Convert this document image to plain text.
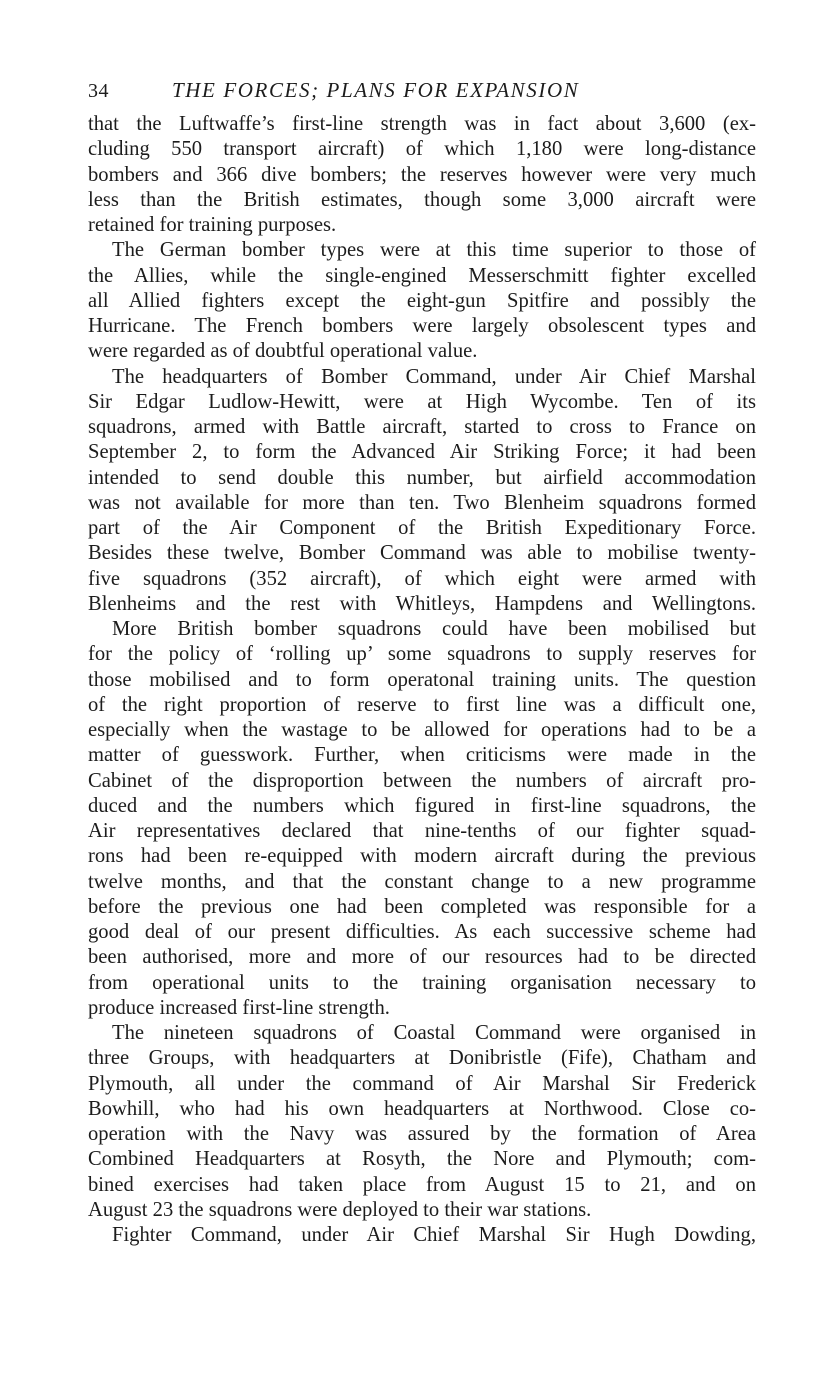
34	THE FORCES; PLANS FOR EXPANSION
that the Luftwaffe’s first-line strength was in fact about 3,600 (ex-
cluding 550 transport aircraft) of which 1,180 were long-distance
bombers and 366 dive bombers; the reserves however were very much
less than the British estimates, though some 3,000 aircraft were
retained for training purposes.
The German bomber types were at this time superior to those of
the Allies, while the single-engined Messerschmitt fighter excelled
all Allied fighters except the eight-gun Spitfire and possibly the
Hurricane. The French bombers were largely obsolescent types and
were regarded as of doubtful operational value.
The headquarters of Bomber Command, under Air Chief Marshal
Sir Edgar Ludlow-Hewitt, were at High Wycombe. Ten of its
squadrons, armed with Battle aircraft, started to cross to France on
September 2, to form the Advanced Air Striking Force; it had been
intended to send double this number, but airfield accommodation
was not available for more than ten. Two Blenheim squadrons formed
part of the Air Component of the British Expeditionary Force.
Besides these twelve, Bomber Command was able to mobilise twenty-
five squadrons (352 aircraft), of which eight were armed with
Blenheims and the rest with Whitleys, Hampdens and Wellingtons.
More British bomber squadrons could have been mobilised but
for the policy of ‘rolling up’ some squadrons to supply reserves for
those mobilised and to form operatonal training units. The question
of the right proportion of reserve to first line was a difficult one,
especially when the wastage to be allowed for operations had to be a
matter of guesswork. Further, when criticisms were made in the
Cabinet of the disproportion between the numbers of aircraft pro-
duced and the numbers which figured in first-line squadrons, the
Air representatives declared that nine-tenths of our fighter squad-
rons had been re-equipped with modern aircraft during the previous
twelve months, and that the constant change to a new programme
before the previous one had been completed was responsible for a
good deal of our present difficulties. As each successive scheme had
been authorised, more and more of our resources had to be directed
from operational units to the training organisation necessary to
produce increased first-line strength.
The nineteen squadrons of Coastal Command were organised in
three Groups, with headquarters at Donibristle (Fife), Chatham and
Plymouth, all under the command of Air Marshal Sir Frederick
Bowhill, who had his own headquarters at Northwood. Close co-
operation with the Navy was assured by the formation of Area
Combined Headquarters at Rosyth, the Nore and Plymouth; com-
bined exercises had taken place from August 15 to 21, and on
August 23 the squadrons were deployed to their war stations.
Fighter Command, under Air Chief Marshal Sir Hugh Dowding,
